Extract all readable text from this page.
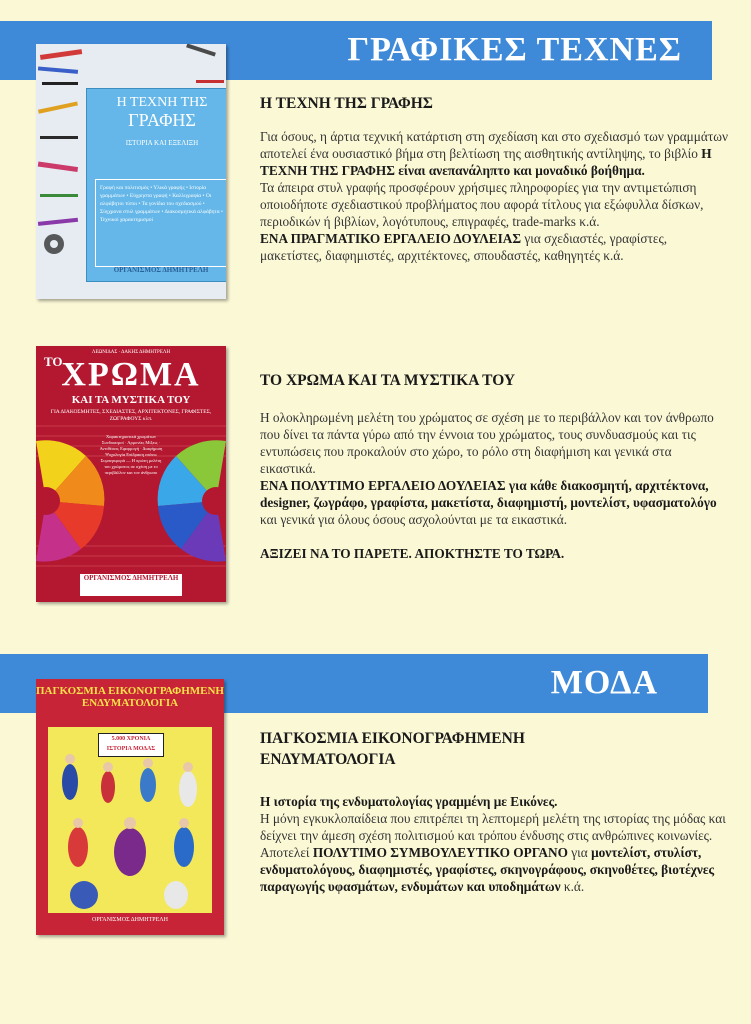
ΓΡΑΦΙΚΕΣ ΤΕΧΝΕΣ
Η ΤΕΧΝΗ ΤΗΣ
ΓΡΑΦΗΣ
ΙΣΤΟΡΙΑ ΚΑΙ ΕΞΕΛΙΞΗ
Γραφή και πολιτισμός • Υλικά γραφής • Ιστορία γραμμάτων • Εύχρηστα γραφή • Καλλιγραφία • Οι αλφάβητοι τύποι • Τα γονίδια του σχεδιασμού • Σύγχρονα στυλ γραμμάτων • Διακοσμητικά αλφάβητα • Τεχνικοί χαρακτηρισμοί
ΟΡΓΑΝΙΣΜΟΣ ΔΗΜΗΤΡΕΛΗ
Η ΤΕΧΝΗ ΤΗΣ ΓΡΑΦΗΣ

Για όσους, η άρτια τεχνική κατάρτιση στη σχεδίαση και στο σχεδιασμό των γραμμάτων αποτελεί ένα ουσιαστικό βήμα στη βελτίωση της αισθητικής αντίληψης, το βιβλίο Η ΤΕΧΝΗ ΤΗΣ ΓΡΑΦΗΣ είναι ανεπανάληπτο και μοναδικό βοήθημα.

Τα άπειρα στυλ γραφής προσφέρουν χρήσιμες πληροφορίες για την αντιμετώπιση οποιοδήποτε σχεδιαστικού προβλήματος που αφορά τίτλους για εξώφυλλα δίσκων, περιοδικών ή βιβλίων, λογότυπους, επιγραφές, trade-marks κ.ά.

ΕΝΑ ΠΡΑΓΜΑΤΙΚΟ ΕΡΓΑΛΕΙΟ ΔΟΥΛΕΙΑΣ για σχεδιαστές, γραφίστες, μακετίστες, διαφημιστές, αρχιτέκτονες, σπουδαστές, καθηγητές κ.ά.

ΛΕΩΝΙΔΑΣ · ΔΑΚΗΣ ΔΗΜΗΤΡΕΛΗ
ΤΟ
ΧΡΩΜΑ
ΚΑΙ ΤΑ ΜΥΣΤΙΚΑ ΤΟΥ
ΓΙΑ ΔΙΑΚΟΣΜΗΤΕΣ, ΣΧΕΔΙΑΣΤΕΣ, ΑΡΧΙΤΕΚΤΟΝΕΣ, ΓΡΑΦΙΣΤΕΣ, ΖΩΓΡΑΦΟΥΣ κλπ.
Χαρακτηριστικά χρωμάτων Συνδυασμοί · Αρμονίες Μίξεις · Αντιθέσεις Εφαρμογή · Διαφήμιση Ψυχολογία Επίδραση επάνω Συμπεριφορά — Η πρώτη μελέτη του χρώματος σε σχέση με το περιβάλλον και τον άνθρωπο
ΟΡΓΑΝΙΣΜΟΣ ΔΗΜΗΤΡΕΛΗ
ΤΟ ΧΡΩΜΑ ΚΑΙ ΤΑ ΜΥΣΤΙΚΑ ΤΟΥ

Η ολοκληρωμένη μελέτη του χρώματος σε σχέση με το περιβάλλον και τον άνθρωπο που δίνει τα πάντα γύρω από την έννοια του χρώματος, τους συνδυασμούς και τις εντυπώσεις που προκαλούν στο χώρο, το ρόλο στη διαφήμιση και γενικά στα εικαστικά.

ΕΝΑ ΠΟΛΥΤΙΜΟ ΕΡΓΑΛΕΙΟ ΔΟΥΛΕΙΑΣ για κάθε διακοσμητή, αρχιτέκτονα, designer, ζωγράφο, γραφίστα, μακετίστα, διαφημιστή, μοντελίστ, υφασματολόγο και γενικά για όλους όσους ασχολούνται με τα εικαστικά.

ΑΞΙΖΕΙ ΝΑ ΤΟ ΠΑΡΕΤΕ. ΑΠΟΚΤΗΣΤΕ ΤΟ ΤΩΡΑ.

ΜΟΔΑ
ΠΑΓΚΟΣΜΙΑ ΕΙΚΟΝΟΓΡΑΦΗΜΕΝΗ ΕΝΔΥΜΑΤΟΛΟΓΙΑ
5.000 ΧΡΟΝΙΑ ΙΣΤΟΡΙΑ ΜΟΔΑΣ
ΟΡΓΑΝΙΣΜΟΣ ΔΗΜΗΤΡΕΛΗ
ΠΑΓΚΟΣΜΙΑ ΕΙΚΟΝΟΓΡΑΦΗΜΕΝΗ
ΕΝΔΥΜΑΤΟΛΟΓΙΑ

Η ιστορία της ενδυματολογίας γραμμένη με Εικόνες.

Η μόνη εγκυκλοπαίδεια που επιτρέπει τη λεπτομερή μελέτη της ιστορίας της μόδας και δείχνει την άμεση σχέση πολιτισμού και τρόπου ένδυσης στις ανθρώπινες κοινωνίες.

Αποτελεί ΠΟΛΥΤΙΜΟ ΣΥΜΒΟΥΛΕΥΤΙΚΟ ΟΡΓΑΝΟ για μοντελίστ, στυλίστ, ενδυματολόγους, διαφημιστές, γραφίστες, σκηνογράφους, σκηνοθέτες, βιοτέχνες παραγωγής υφασμάτων, ενδυμάτων και υποδημάτων κ.ά.
